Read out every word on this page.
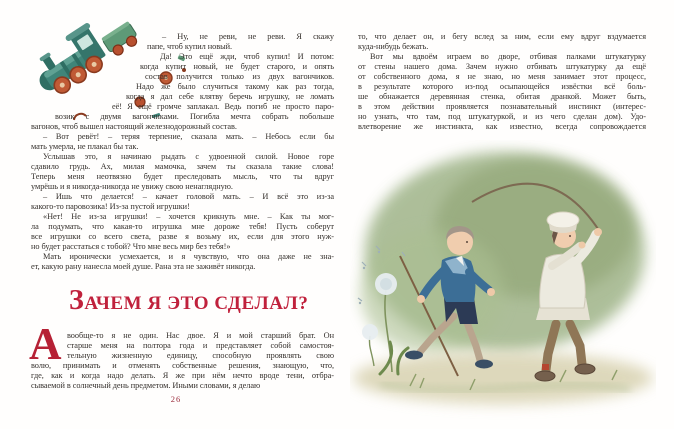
– Ну, не реви, не реви. Я скажу
папе, чтоб купил новый.
Да! Это ещё жди, чтоб купил! И потом:
когда купит новый, не будет старого, и опять
состав получится только из двух вагончиков.
Надо же было случиться такому как раз тогда,
когда я дал себе клятву беречь игрушку, не ломать
её! Я ещё громче заплакал. Ведь погиб не просто паро-
возик с двумя вагончиками. Погибла мечта собрать побольше
вагонов, чтоб вышел настоящий железнодорожный состав.
– Вот ревёт! – теряя терпение, сказала мать. – Небось если бы
мать умерла, не плакал бы так.
Услышав это, я начинаю рыдать с удвоенной силой. Новое горе
сдавило грудь. Ах, милая мамочка, зачем ты сказала такие слова!
Теперь меня неотвязно будет преследовать мысль, что ты вдруг
умрёшь и я никогда-никогда не увижу свою ненаглядную.
– Ишь что делается! – качает головой мать. – И всё это из-за
какого-то паровозика! Из-за пустой игрушки!
«Нет! Не из-за игрушки! – хочется крикнуть мне. – Как ты мог-
ла подумать, что какая-то игрушка мне дороже тебя! Пусть соберут
все игрушки со всего света, разве я возьму их, если для этого нуж-
но будет расстаться с тобой? Что мне весь мир без тебя!»
Мать иронически усмехается, и я чувствую, что она даже не зна-
ет, какую рану нанесла моей душе. Рана эта не заживёт никогда.
ЗАЧЕМ Я ЭТО СДЕЛАЛ?
А вообще-то я не один. Нас двое. Я и мой старший брат. Он
старше меня на полтора года и представляет собой самостоя-
тельную жизненную единицу, способную проявлять свою
волю, принимать и отменять собственные решения, знающую, что,
где, как и когда надо делать. Я же при нём нечто вроде тени, отбра-
сываемой в солнечный день предметом. Иными словами, я делаю
26
то, что делает он, и бегу вслед за ним, если ему вдруг вздумается
куда-нибудь бежать.
Вот мы вдвоём играем во дворе, отбивая палками штукатурку
от стены нашего дома. Зачем нужно отбивать штукатурку да ещё
от собственного дома, я не знаю, но меня занимает этот процесс,
в результате которого из-под осыпающейся извёстки всё боль-
ше обнажается деревянная стенка, обитая дранкой. Может быть,
в этом действии проявляется познавательный инстинкт (интерес-
но узнать, что там, под штукатуркой, и из чего сделан дом). Удо-
влетворение же инстинкта, как известно, всегда сопровождается
